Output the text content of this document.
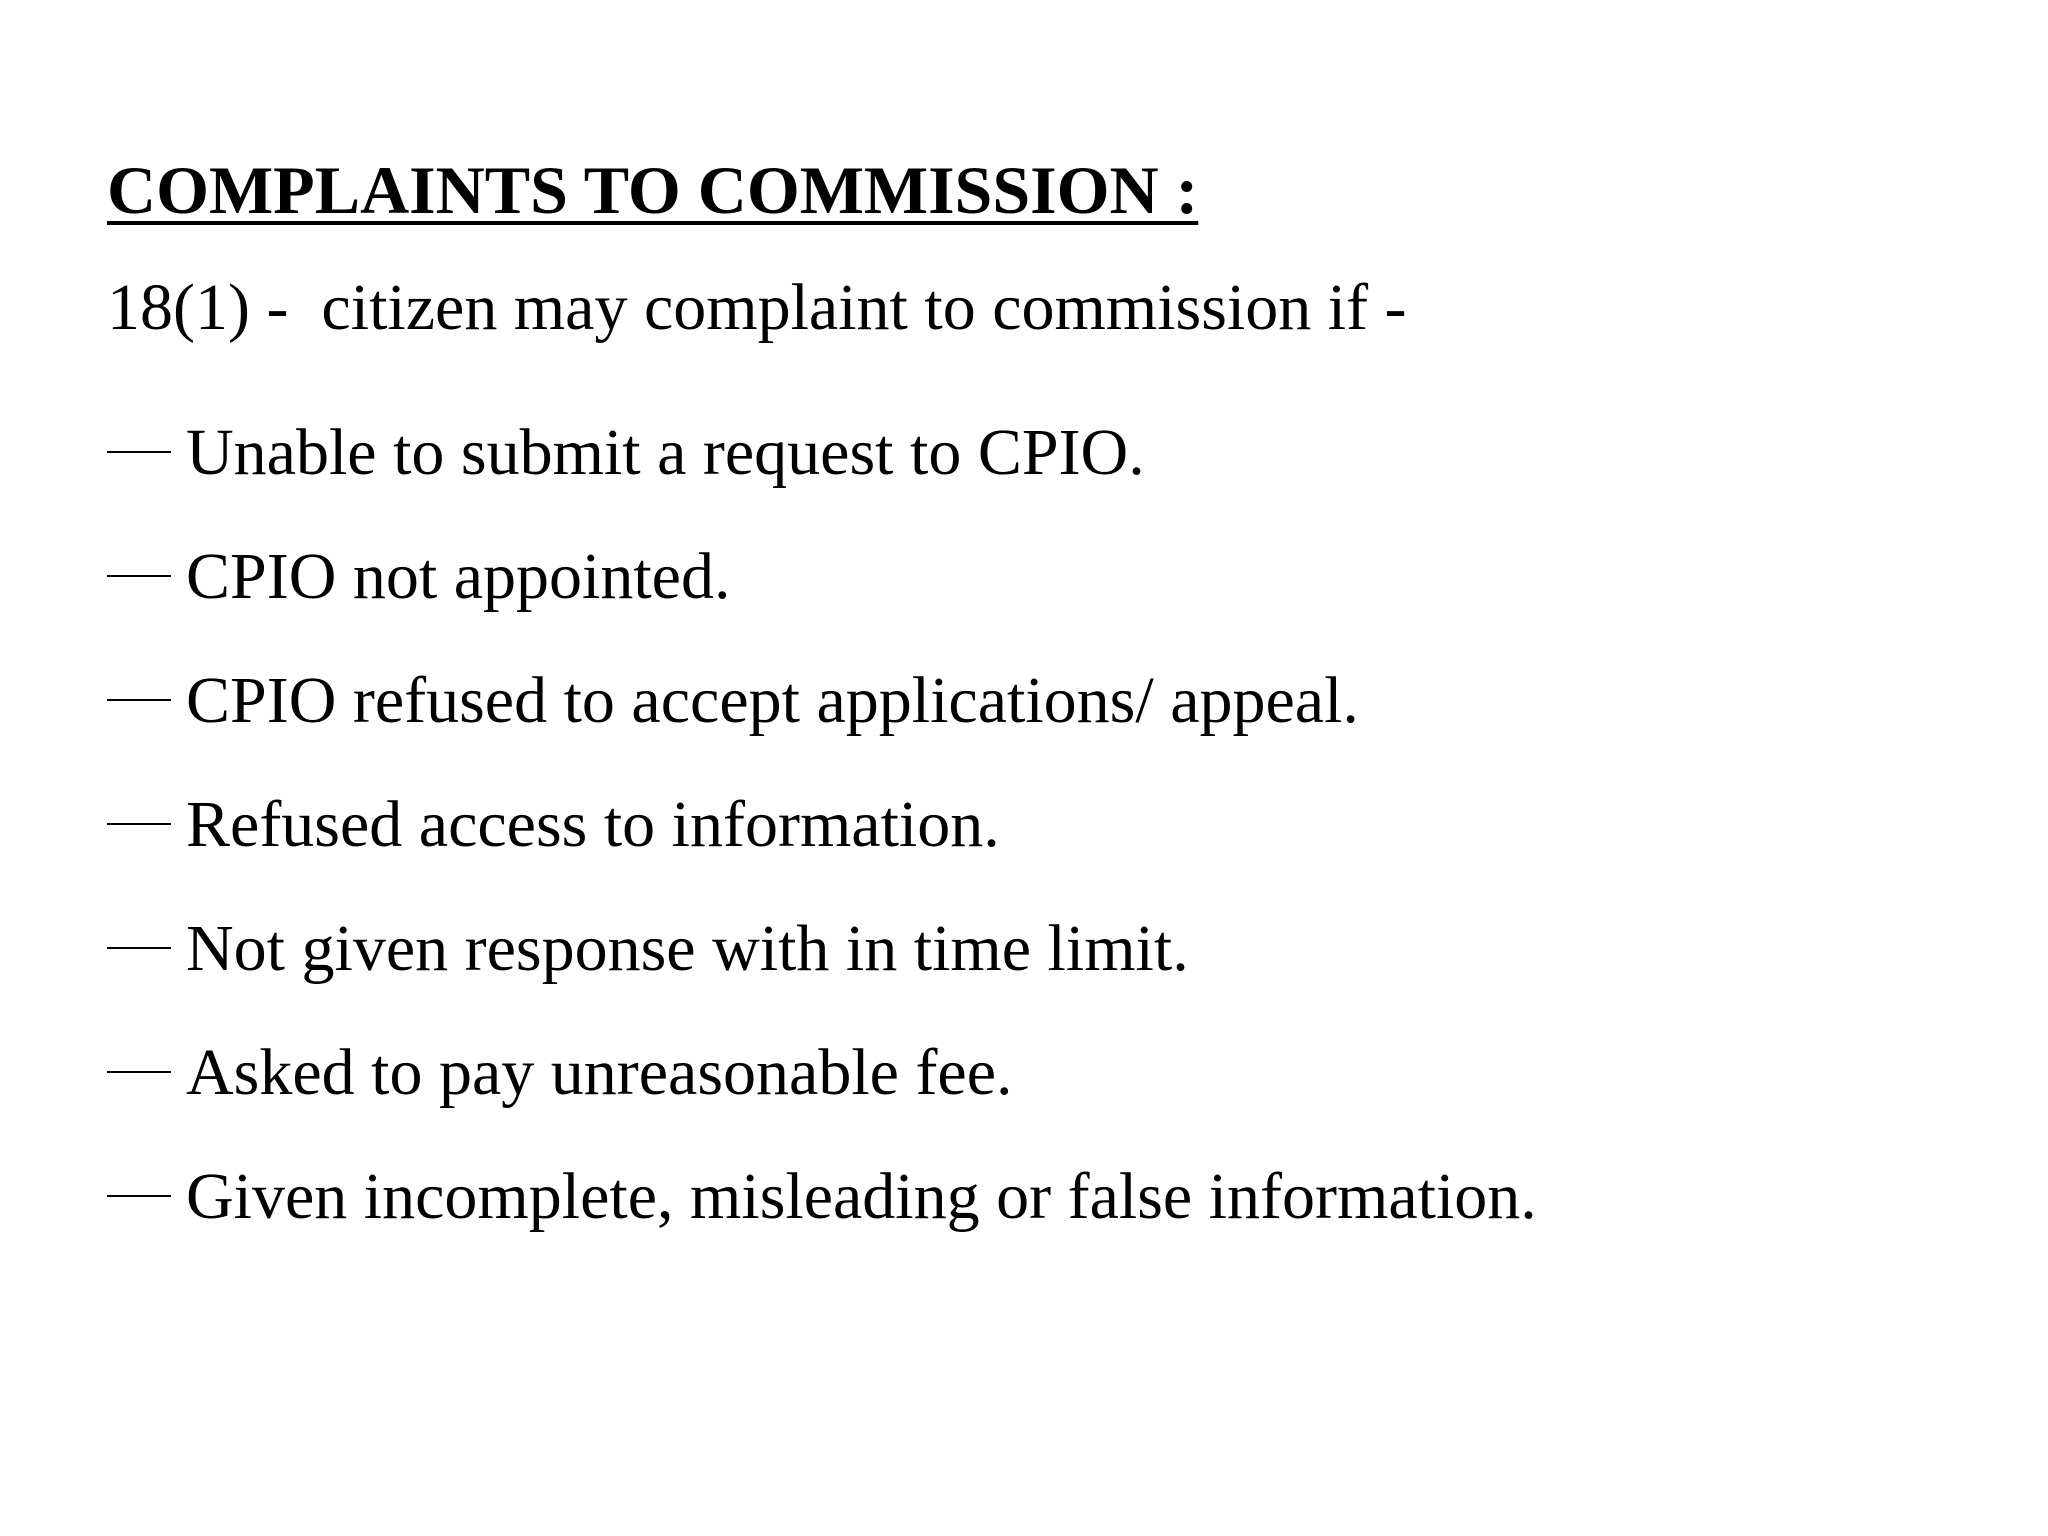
COMPLAINTS TO COMMISSION :
18(1) -  citizen may complaint to commission if -
Unable to submit a request to CPIO.
CPIO not appointed.
CPIO refused to accept applications/ appeal.
Refused access to information.
Not given response with in time limit.
Asked to pay unreasonable fee.
Given incomplete, misleading or false information.
